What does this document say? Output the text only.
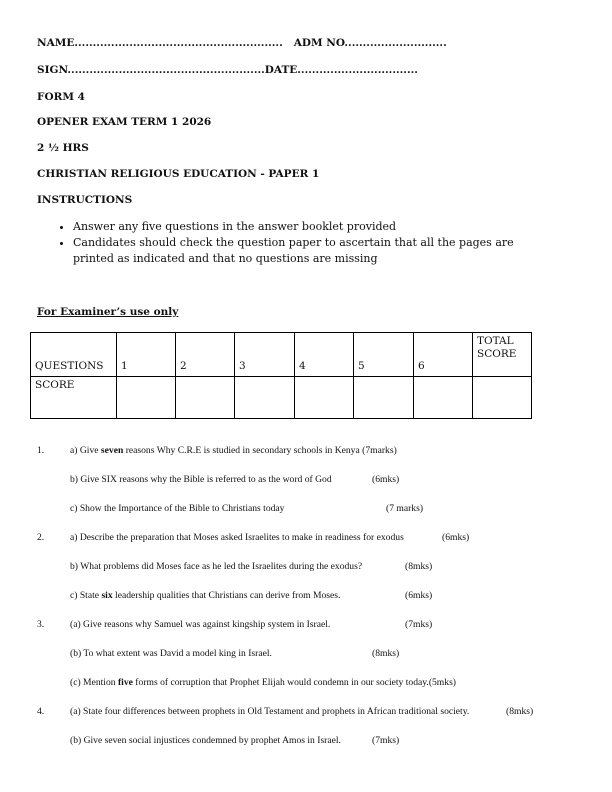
NAME......................................................... ADM NO............................
SIGN......................................................DATE.................................
FORM 4
OPENER EXAM TERM 1 2026
2 ½ HRS
CHRISTIAN RELIGIOUS EDUCATION - PAPER 1
INSTRUCTIONS
• Answer any five questions in the answer booklet provided
• Candidates should check the question paper to ascertain that all the pages are printed as indicated and that no questions are missing
For Examiner’s use only
QUESTIONS	1	2	3	4	5	6	TOTAL SCORE
SCORE							
1.	a) Give seven reasons Why C.R.E is studied in secondary schools in Kenya (7marks)
b) Give SIX reasons why the Bible is referred to as the word of God	(6mks)
c) Show the Importance of the Bible to Christians today	(7 marks)
2.	a) Describe the preparation that Moses asked Israelites to make in readiness for exodus	(6mks)
b) What problems did Moses face as he led the Israelites during the exodus?	(8mks)
c) State six leadership qualities that Christians can derive from Moses.	(6mks)
3.	(a) Give reasons why Samuel was against kingship system in Israel.	(7mks)
(b) To what extent was David a model king in Israel.	(8mks)
(c) Mention five forms of corruption that Prophet Elijah would condemn in our society today.(5mks)
4.	(a) State four differences between prophets in Old Testament and prophets in African traditional society.	(8mks)
(b) Give seven social injustices condemned by prophet Amos in Israel.	(7mks)
